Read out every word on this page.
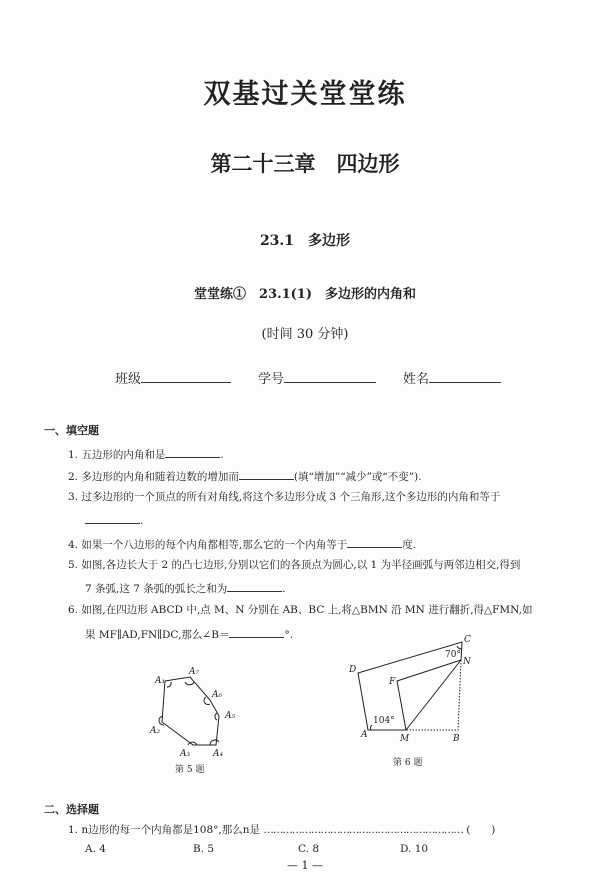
双基过关堂堂练
第二十三章　四边形
23.1　多边形
堂堂练①　23.1(1)　多边形的内角和
(时间 30 分钟)
班级	学号	姓名
一、填空题
1. 五边形的内角和是	.
2. 多边形的内角和随着边数的增加而	(填“增加”“减少”或“不变”).
3. 过多边形的一个顶点的所有对角线,将这个多边形分成 3 个三角形,这个多边形的内角和等于
.
4. 如果一个八边形的每个内角都相等,那么它的一个内角等于	度.
5. 如图,各边长大于 2 的凸七边形,分别以它们的各顶点为圆心,以 1 为半径画弧与两邻边相交,得到
7 条弧,这 7 条弧的弧长之和为	.
6. 如图,在四边形 ABCD 中,点 M、N 分别在 AB、BC 上,将△BMN 沿 MN 进行翻折,得△FMN,如
果 MF∥AD,FN∥DC,那么∠B＝	°.
A₁
A₇
A₆
A₅
A₄
A₃
A₂
D
C
N
F
A	M	B
104°
70°
第 5 题
第 6 题
二、选择题
1. n边形的每一个内角都是108°,那么n是 ……………………………………………………… (　　)
A. 4	B. 5	C. 8	D. 10
— 1 —
